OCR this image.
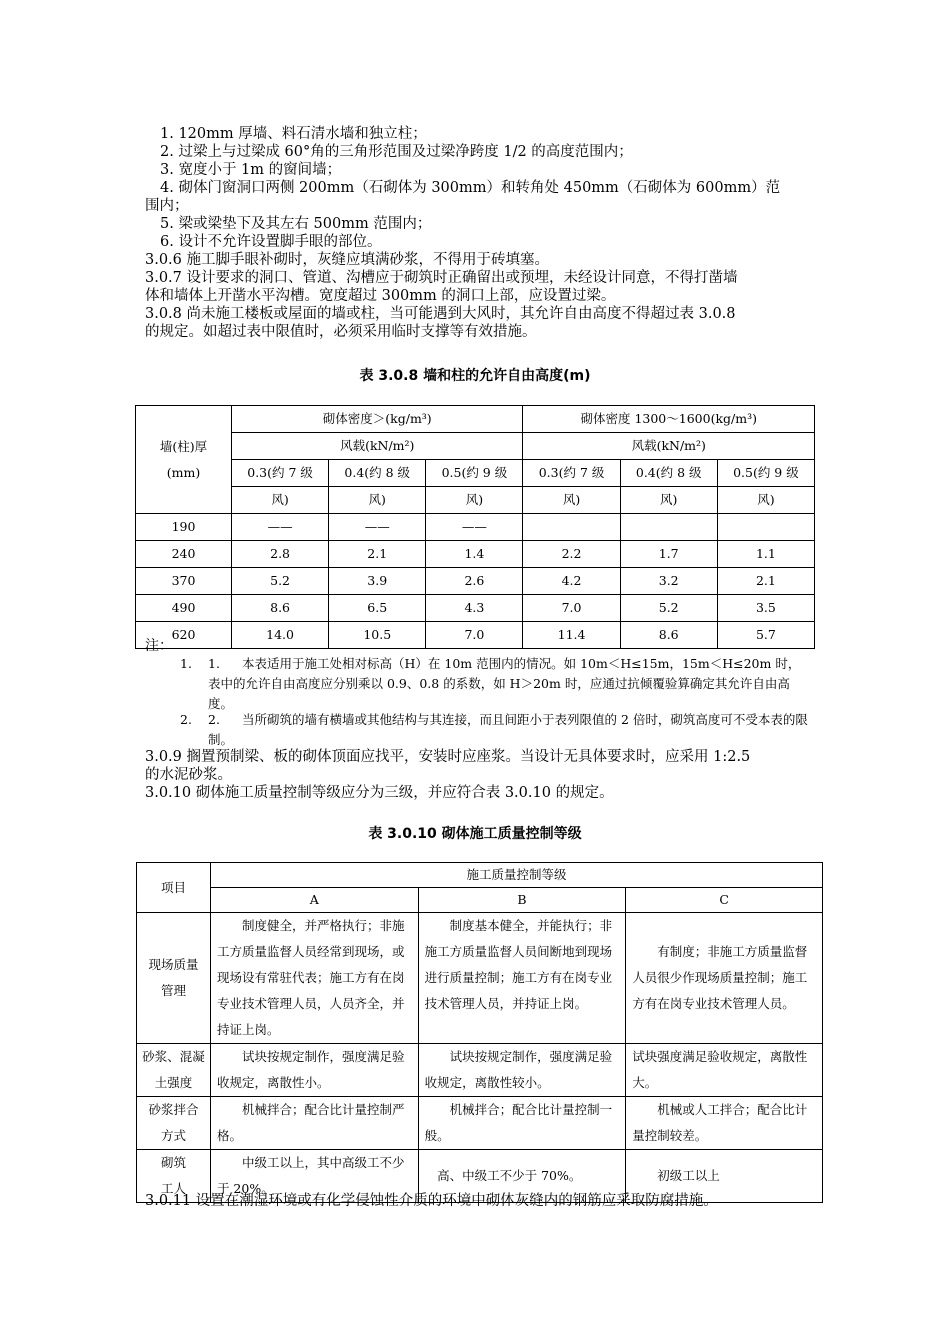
1. 120mm 厚墙、料石清水墙和独立柱；
2. 过梁上与过梁成 60°角的三角形范围及过梁净跨度 1/2 的高度范围内；
3. 宽度小于 1m 的窗间墙；
4. 砌体门窗洞口两侧 200mm（石砌体为 300mm）和转角处 450mm（石砌体为 600mm）范
围内；
5. 梁或梁垫下及其左右 500mm 范围内；
6. 设计不允许设置脚手眼的部位。
3.0.6 施工脚手眼补砌时，灰缝应填满砂浆，不得用于砖填塞。
3.0.7 设计要求的洞口、管道、沟槽应于砌筑时正确留出或预埋，未经设计同意，不得打凿墙
体和墙体上开凿水平沟槽。宽度超过 300mm 的洞口上部，应设置过梁。
3.0.8 尚未施工楼板或屋面的墙或柱，当可能遇到大风时，其允许自由高度不得超过表 3.0.8
的规定。如超过表中限值时，必须采用临时支撑等有效措施。
表 3.0.8 墙和柱的允许自由高度(m)
墙(柱)厚
(mm)	砌体密度＞(kg/m³)			砌体密度 1300～1600(kg/m³)		
	风载(kN/m²)			风载(kN/m²)		
	0.3(约 7 级	0.4(约 8 级	0.5(约 9 级	0.3(约 7 级	0.4(约 8 级	0.5(约 9 级
	风)	风)	风)	风)	风)	风)
190	——	——	——			
240	2.8	2.1	1.4	2.2	1.7	1.1
370	5.2	3.9	2.6	4.2	3.2	2.1
490	8.6	6.5	4.3	7.0	5.2	3.5
620	14.0	10.5	7.0	11.4	8.6	5.7
注：
1.	1.	本表适用于施工处相对标高（H）在 10m 范围内的情况。如 10m＜H≤15m，15m＜H≤20m 时，表中的允许自由高度应分别乘以 0.9、0.8 的系数，如 H＞20m 时，应通过抗倾覆验算确定其允许自由高度。
2.	2.	当所砌筑的墙有横墙或其他结构与其连接，而且间距小于表列限值的 2 倍时，砌筑高度可不受本表的限制。
3.0.9 搁置预制梁、板的砌体顶面应找平，安装时应座浆。当设计无具体要求时，应采用 1:2.5
的水泥砂浆。
3.0.10 砌体施工质量控制等级应分为三级，并应符合表 3.0.10 的规定。
表 3.0.10 砌体施工质量控制等级
项目	施工质量控制等级		
	A	B	C
现场质量管理	制度健全，并严格执行；非施工方质量监督人员经常到现场，或现场设有常驻代表；施工方有在岗专业技术管理人员，人员齐全，并持证上岗。	制度基本健全，并能执行；非施工方质量监督人员间断地到现场进行质量控制；施工方有在岗专业技术管理人员，并持证上岗。	有制度；非施工方质量监督人员很少作现场质量控制；施工方有在岗专业技术管理人员。
砂浆、混凝土强度	试块按规定制作，强度满足验收规定，离散性小。	试块按规定制作，强度满足验收规定，离散性较小。	试块强度满足验收规定，离散性大。
砂浆拌合方式	机械拌合；配合比计量控制严格。	机械拌合；配合比计量控制一般。	机械或人工拌合；配合比计量控制较差。
砌筑工人	中级工以上，其中高级工不少于 20%。	高、中级工不少于 70%。	初级工以上
3.0.11 设置在潮湿环境或有化学侵蚀性介质的环境中砌体灰缝内的钢筋应采取防腐措施。
